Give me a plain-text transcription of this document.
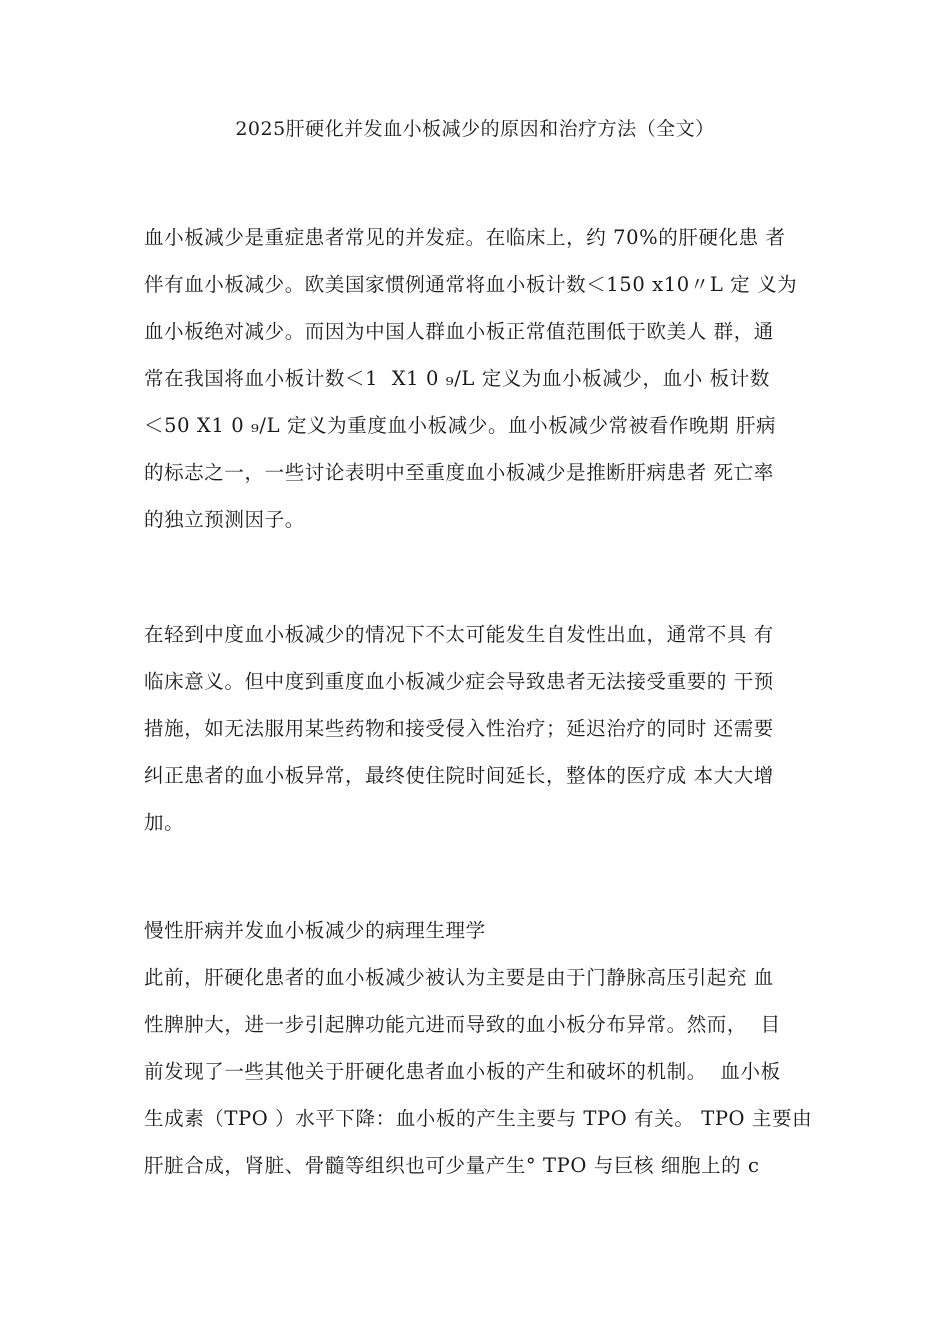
2025肝硬化并发血小板减少的原因和治疗方法（全文）
血小板减少是重症患者常见的并发症。在临床上，约 70%的肝硬化患 者
伴有血小板减少。欧美国家惯例通常将血小板计数＜150 x10〃L 定 义为
血小板绝对减少。而因为中国人群血小板正常值范围低于欧美人 群，通
常在我国将血小板计数＜1  X1 0 ₉/L 定义为血小板减少，血小 板计数
＜50 X1 0 ₉/L 定义为重度血小板减少。血小板减少常被看作晚期 肝病
的标志之一，一些讨论表明中至重度血小板减少是推断肝病患者 死亡率
的独立预测因子。
在轻到中度血小板减少的情况下不太可能发生自发性出血，通常不具 有
临床意义。但中度到重度血小板减少症会导致患者无法接受重要的 干预
措施，如无法服用某些药物和接受侵入性治疗；延迟治疗的同时 还需要
纠正患者的血小板异常，最终使住院时间延长，整体的医疗成 本大大增
加。
慢性肝病并发血小板减少的病理生理学
此前，肝硬化患者的血小板减少被认为主要是由于门静脉高压引起充 血
性脾肿大，进一步引起脾功能亢进而导致的血小板分布异常。然而，  目
前发现了一些其他关于肝硬化患者血小板的产生和破坏的机制。  血小板
生成素（TPO ）水平下降：血小板的产生主要与 TPO 有关。 TPO 主要由
肝脏合成，肾脏、骨髓等组织也可少量产生° TPO 与巨核 细胞上的 c
